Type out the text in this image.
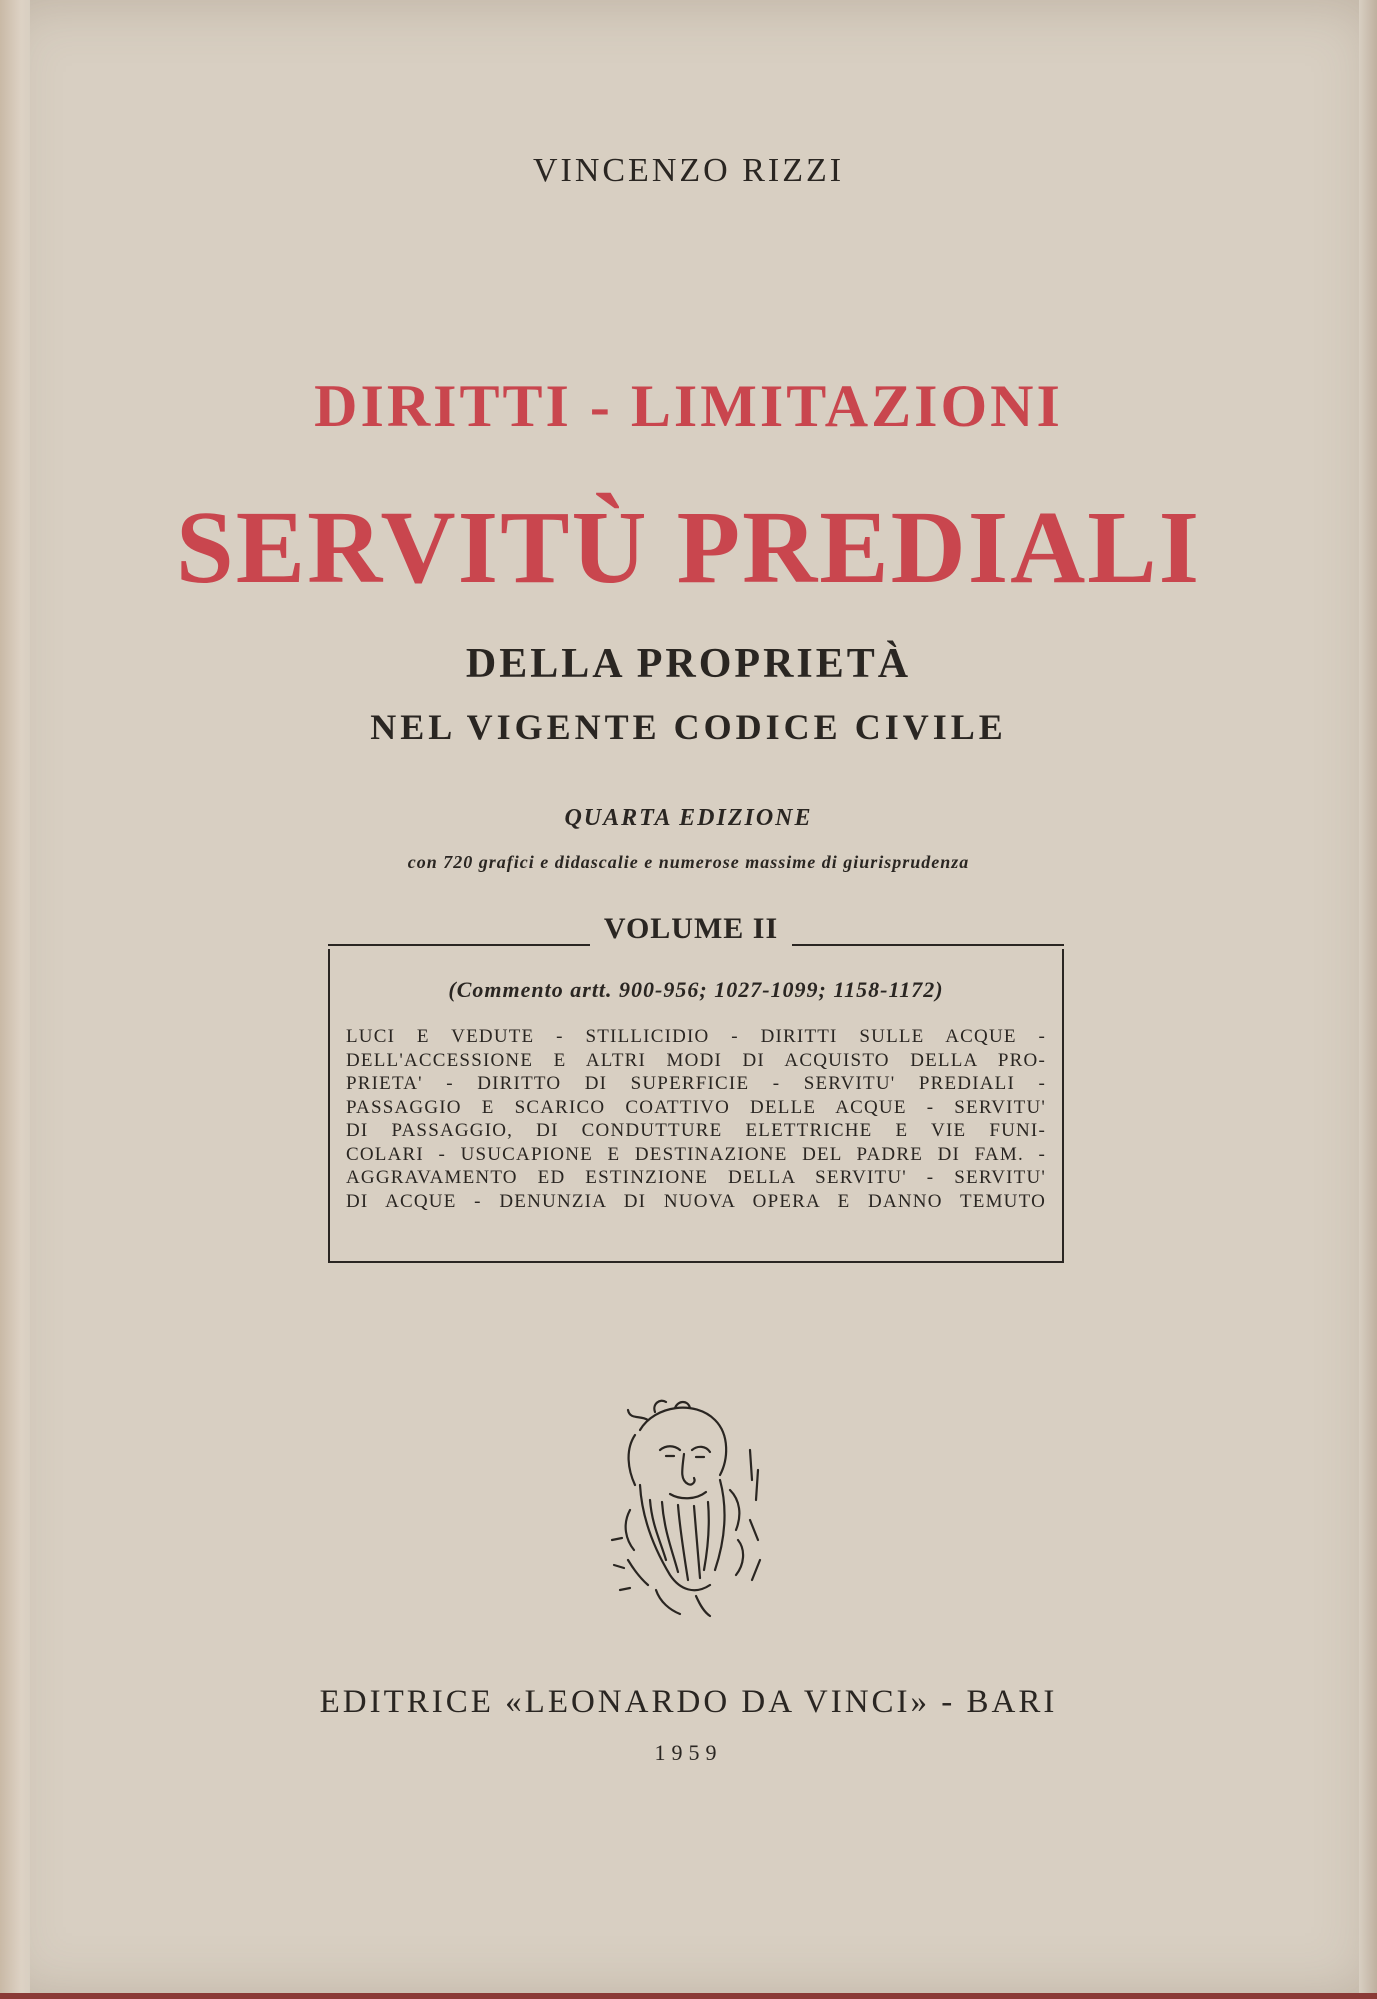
VINCENZO RIZZI
DIRITTI - LIMITAZIONI
SERVITÙ PREDIALI
DELLA PROPRIETÀ
NEL VIGENTE CODICE CIVILE
QUARTA EDIZIONE
con 720 grafici e didascalie e numerose massime di giurisprudenza
VOLUME II
(Commento artt. 900-956; 1027-1099; 1158-1172)
LUCI E VEDUTE - STILLICIDIO - DIRITTI SULLE ACQUE -
DELL'ACCESSIONE E ALTRI MODI DI ACQUISTO DELLA PRO-
PRIETA' - DIRITTO DI SUPERFICIE - SERVITU' PREDIALI -
PASSAGGIO E SCARICO COATTIVO DELLE ACQUE - SERVITU'
DI PASSAGGIO, DI CONDUTTURE ELETTRICHE E VIE FUNI-
COLARI - USUCAPIONE E DESTINAZIONE DEL PADRE DI FAM. -
AGGRAVAMENTO ED ESTINZIONE DELLA SERVITU' - SERVITU'
DI ACQUE - DENUNZIA DI NUOVA OPERA E DANNO TEMUTO
EDITRICE «LEONARDO DA VINCI» - BARI
1959
